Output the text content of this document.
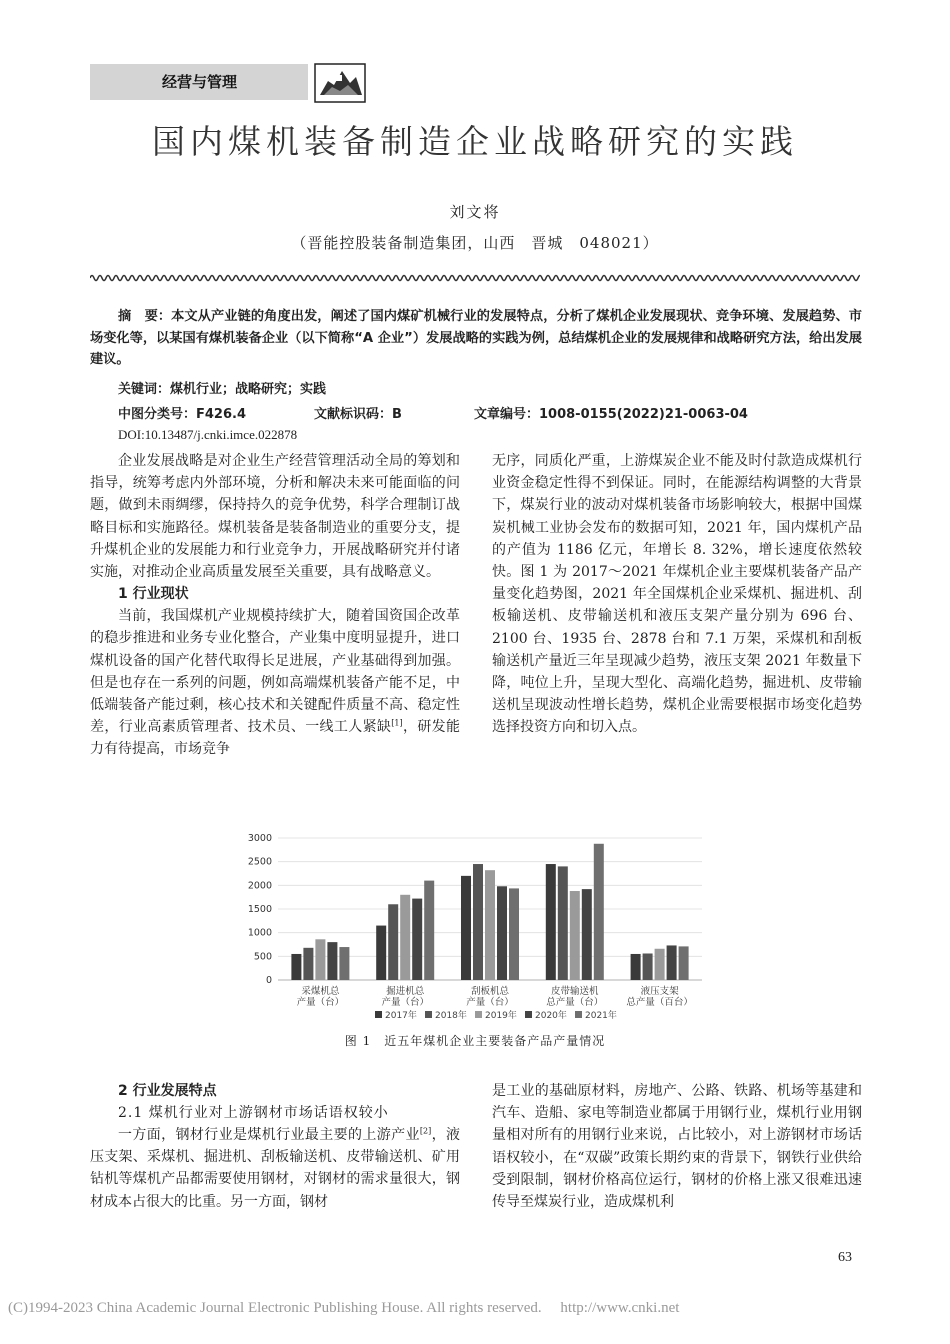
经营与管理
国内煤机装备制造企业战略研究的实践
刘文将
（晋能控股装备制造集团，山西　晋城　048021）
摘　要：本文从产业链的角度出发，阐述了国内煤矿机械行业的发展特点，分析了煤机企业发展现状、竞争环境、发展趋势、市场变化等，以某国有煤机装备企业（以下简称“A 企业”）发展战略的实践为例，总结煤机企业的发展规律和战略研究方法，给出发展建议。
关键词：煤机行业；战略研究；实践
中图分类号：F426.4	文献标识码：B	文章编号：1008-0155(2022)21-0063-04
DOI:10.13487/j.cnki.imce.022878

企业发展战略是对企业生产经营管理活动全局的筹划和指导，统筹考虑内外部环境，分析和解决未来可能面临的问题，做到未雨绸缪，保持持久的竞争优势，科学合理制订战略目标和实施路径。煤机装备是装备制造业的重要分支，提升煤机企业的发展能力和行业竞争力，开展战略研究并付诸实施，对推动企业高质量发展至关重要，具有战略意义。

1 行业现状

当前，我国煤机产业规模持续扩大，随着国资国企改革的稳步推进和业务专业化整合，产业集中度明显提升，进口煤机设备的国产化替代取得长足进展，产业基础得到加强。但是也存在一系列的问题，例如高端煤机装备产能不足，中低端装备产能过剩，核心技术和关键配件质量不高、稳定性差，行业高素质管理者、技术员、一线工人紧缺[1]，研发能力有待提高，市场竞争

无序，同质化严重，上游煤炭企业不能及时付款造成煤机行业资金稳定性得不到保证。同时，在能源结构调整的大背景下，煤炭行业的波动对煤机装备市场影响较大，根据中国煤炭机械工业协会发布的数据可知，2021 年，国内煤机产品的产值为 1186 亿元，年增长 8. 32%，增长速度依然较快。图 1 为 2017～2021 年煤机企业主要煤机装备产品产量变化趋势图，2021 年全国煤机企业采煤机、掘进机、刮板输送机、皮带输送机和液压支架产量分别为 696 台、2100 台、1935 台、2878 台和 7.1 万架，采煤机和刮板输送机产量近三年呈现减少趋势，液压支架 2021 年数量下降，吨位上升，呈现大型化、高端化趋势，掘进机、皮带输送机呈现波动性增长趋势，煤机企业需要根据市场变化趋势选择投资方向和切入点。

0
500
1000
1500
2000
2500
3000
采煤机总
产量（台）
掘进机总
产量（台）
刮板机总
产量（台）
皮带输送机
总产量（台）
液压支架
总产量（百台）
2017年 2018年 2019年 2020年 2021年
图 1　近五年煤机企业主要装备产品产量情况
2 行业发展特点
2.1 煤机行业对上游钢材市场话语权较小

一方面，钢材行业是煤机行业最主要的上游产业[2]，液压支架、采煤机、掘进机、刮板输送机、皮带输送机、矿用钻机等煤机产品都需要使用钢材，对钢材的需求量很大，钢材成本占很大的比重。另一方面，钢材

是工业的基础原材料，房地产、公路、铁路、机场等基建和汽车、造船、家电等制造业都属于用钢行业，煤机行业用钢量相对所有的用钢行业来说，占比较小，对上游钢材市场话语权较小，在“双碳”政策长期约束的背景下，钢铁行业供给受到限制，钢材价格高位运行，钢材的价格上涨又很难迅速传导至煤炭行业，造成煤机利

63
(C)1994-2023 China Academic Journal Electronic Publishing House. All rights reserved.　 http://www.cnki.net
